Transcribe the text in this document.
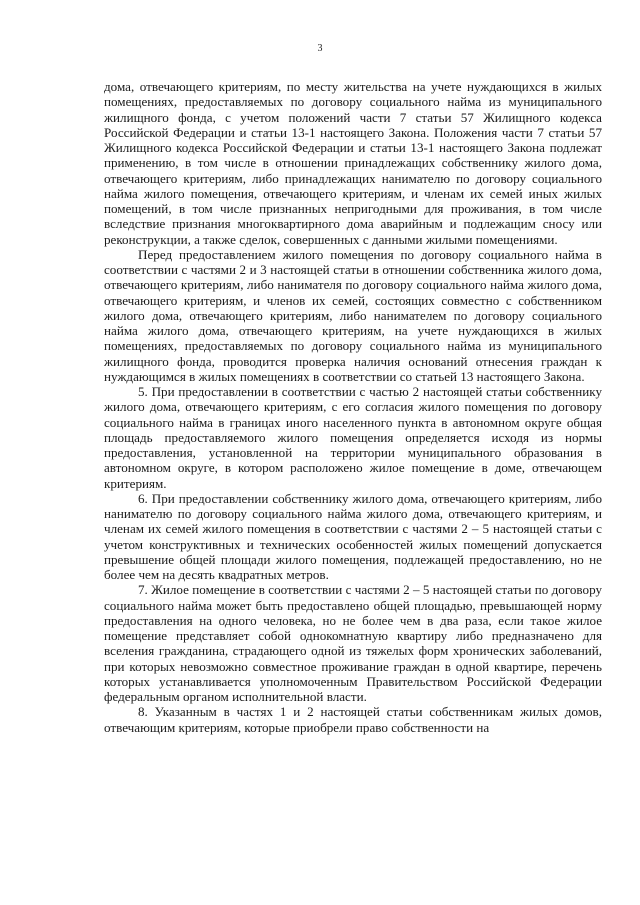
3

дома, отвечающего критериям, по месту жительства на учете нуждающихся в жилых помещениях, предоставляемых по договору социального найма из муниципального жилищного фонда, с учетом положений части 7 статьи 57 Жилищного кодекса Российской Федерации и статьи 13-1 настоящего Закона. Положения части 7 статьи 57 Жилищного кодекса Российской Федерации и статьи 13-1 настоящего Закона подлежат применению, в том числе в отношении принадлежащих собственнику жилого дома, отвечающего критериям, либо принадлежащих нанимателю по договору социального найма жилого помещения, отвечающего критериям, и членам их семей иных жилых помещений, в том числе признанных непригодными для проживания, в том числе вследствие признания многоквартирного дома аварийным и подлежащим сносу или реконструкции, а также сделок, совершенных с данными жилыми помещениями.

Перед предоставлением жилого помещения по договору социального найма в соответствии с частями 2 и 3 настоящей статьи в отношении собственника жилого дома, отвечающего критериям, либо нанимателя по договору социального найма жилого дома, отвечающего критериям, и членов их семей, состоящих совместно с собственником жилого дома, отвечающего критериям, либо нанимателем по договору социального найма жилого дома, отвечающего критериям, на учете нуждающихся в жилых помещениях, предоставляемых по договору социального найма из муниципального жилищного фонда, проводится проверка наличия оснований отнесения граждан к нуждающимся в жилых помещениях в соответствии со статьей 13 настоящего Закона.

5. При предоставлении в соответствии с частью 2 настоящей статьи собственнику жилого дома, отвечающего критериям, с его согласия жилого помещения по договору социального найма в границах иного населенного пункта в автономном округе общая площадь предоставляемого жилого помещения определяется исходя из нормы предоставления, установленной на территории муниципального образования в автономном округе, в котором расположено жилое помещение в доме, отвечающем критериям.

6. При предоставлении собственнику жилого дома, отвечающего критериям, либо нанимателю по договору социального найма жилого дома, отвечающего критериям, и членам их семей жилого помещения в соответствии с частями 2 – 5 настоящей статьи с учетом конструктивных и технических особенностей жилых помещений допускается превышение общей площади жилого помещения, подлежащей предоставлению, но не более чем на десять квадратных метров.

7. Жилое помещение в соответствии с частями 2 – 5 настоящей статьи по договору социального найма может быть предоставлено общей площадью, превышающей норму предоставления на одного человека, но не более чем в два раза, если такое жилое помещение представляет собой однокомнатную квартиру либо предназначено для вселения гражданина, страдающего одной из тяжелых форм хронических заболеваний, при которых невозможно совместное проживание граждан в одной квартире, перечень которых устанавливается уполномоченным Правительством Российской Федерации федеральным органом исполнительной власти.

8. Указанным в частях 1 и 2 настоящей статьи собственникам жилых домов, отвечающим критериям, которые приобрели право собственности на
